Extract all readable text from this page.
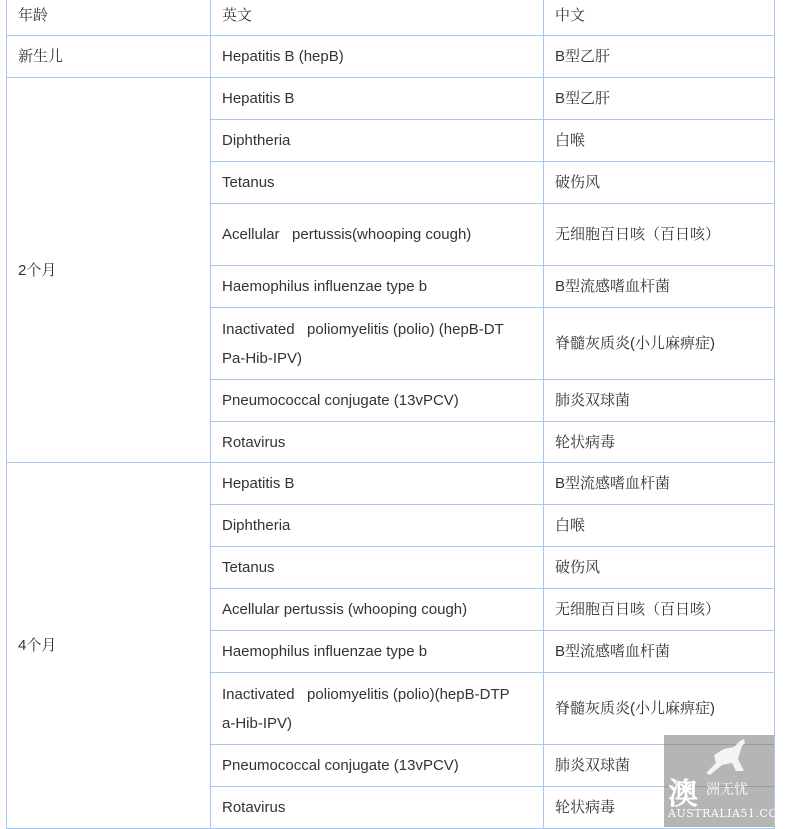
年龄	英文	中文
新生儿	Hepatitis B (hepB)	B型乙肝
2个月	Hepatitis B	B型乙肝
	Diphtheria	白喉
	Tetanus	破伤风
	Acellular   pertussis(whooping cough)	无细胞百日咳（百日咳）
	Haemophilus influenzae type b	B型流感嗜血杆菌

	Inactivated   poliomyelitis (polio) (hepB-DT
Pa-Hib-IPV)	脊髓灰质炎(小儿麻痹症)
	Pneumococcal conjugate (13vPCV)	肺炎双球菌
	Rotavirus	轮状病毒
4个月	Hepatitis B	B型流感嗜血杆菌
	Diphtheria	白喉
	Tetanus	破伤风
	Acellular pertussis (whooping cough)	无细胞百日咳（百日咳）
	Haemophilus influenzae type b	B型流感嗜血杆菌

	Inactivated   poliomyelitis (polio)(hepB-DTP
a-Hib-IPV)	脊髓灰质炎(小儿麻痹症)
	Pneumococcal conjugate (13vPCV)	肺炎双球菌
	Rotavirus	轮状病毒 澳 洲无忧
AUSTRALIA51.COM
